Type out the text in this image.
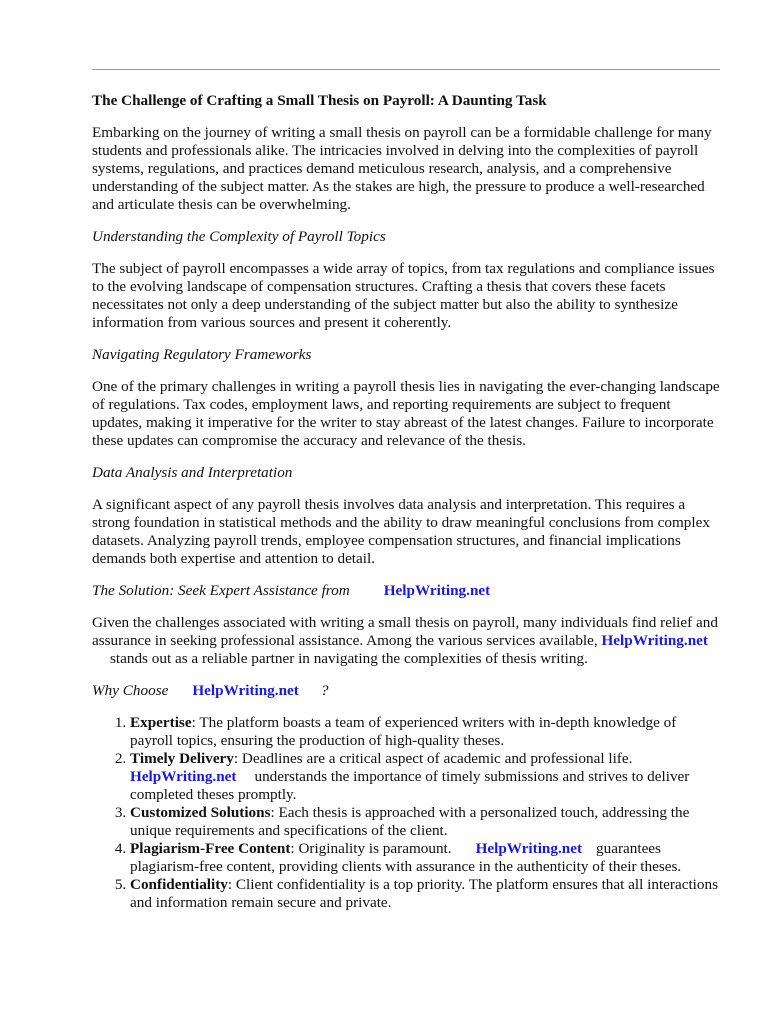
The Challenge of Crafting a Small Thesis on Payroll: A Daunting Task

Embarking on the journey of writing a small thesis on payroll can be a formidable challenge for many students and professionals alike. The intricacies involved in delving into the complexities of payroll systems, regulations, and practices demand meticulous research, analysis, and a comprehensive understanding of the subject matter. As the stakes are high, the pressure to produce a well-researched and articulate thesis can be overwhelming.

Understanding the Complexity of Payroll Topics

The subject of payroll encompasses a wide array of topics, from tax regulations and compliance issues to the evolving landscape of compensation structures. Crafting a thesis that covers these facets necessitates not only a deep understanding of the subject matter but also the ability to synthesize information from various sources and present it coherently.

Navigating Regulatory Frameworks

One of the primary challenges in writing a payroll thesis lies in navigating the ever-changing landscape of regulations. Tax codes, employment laws, and reporting requirements are subject to frequent updates, making it imperative for the writer to stay abreast of the latest changes. Failure to incorporate these updates can compromise the accuracy and relevance of the thesis.

Data Analysis and Interpretation

A significant aspect of any payroll thesis involves data analysis and interpretation. This requires a strong foundation in statistical methods and the ability to draw meaningful conclusions from complex datasets. Analyzing payroll trends, employee compensation structures, and financial implications demands both expertise and attention to detail.

The Solution: Seek Expert Assistance from HelpWriting.net

Given the challenges associated with writing a small thesis on payroll, many individuals find relief and assurance in seeking professional assistance. Among the various services available, HelpWriting.netstands out as a reliable partner in navigating the complexities of thesis writing.

Why Choose HelpWriting.net ?
1. Expertise: The platform boasts a team of experienced writers with in-depth knowledge of payroll topics, ensuring the production of high-quality theses.
2. Timely Delivery: Deadlines are a critical aspect of academic and professional life.
HelpWriting.net understands the importance of timely submissions and strives to deliver completed theses promptly.
3. Customized Solutions: Each thesis is approached with a personalized touch, addressing the unique requirements and specifications of the client.
4. Plagiarism-Free Content: Originality is paramount. HelpWriting.net guarantees plagiarism-free content, providing clients with assurance in the authenticity of their theses.
5. Confidentiality: Client confidentiality is a top priority. The platform ensures that all interactions and information remain secure and private.
